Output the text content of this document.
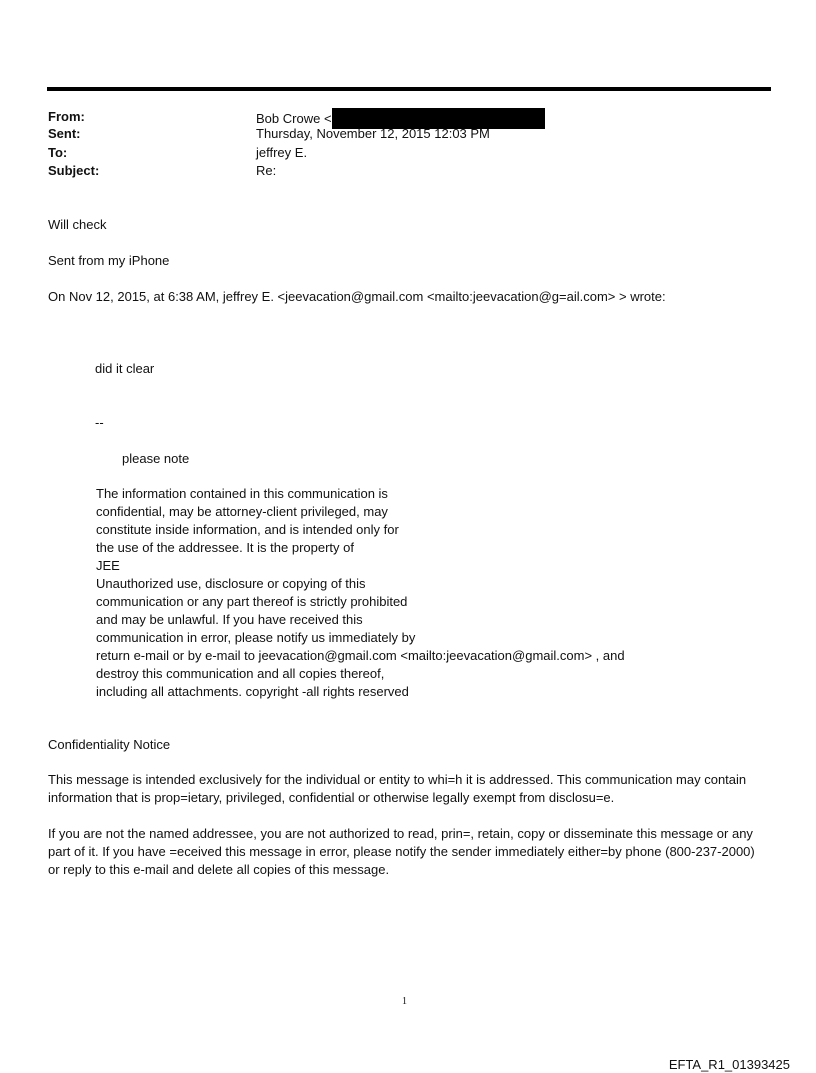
From:	Bob Crowe <
Sent:	Thursday, November 12, 2015 12:03 PM
To:	jeffrey E.
Subject:	Re:
Will check
Sent from my iPhone
On Nov 12, 2015, at 6:38 AM, jeffrey E. <jeevacation@gmail.com <mailto:jeevacation@g=ail.com> > wrote:
did it clear
--
please note
The information contained in this communication is
confidential, may be attorney-client privileged, may
constitute inside information, and is intended only for
the use of the addressee. It is the property of
JEE
Unauthorized use, disclosure or copying of this
communication or any part thereof is strictly prohibited
and may be unlawful. If you have received this
communication in error, please notify us immediately by
return e-mail or by e-mail to jeevacation@gmail.com <mailto:jeevacation@gmail.com> , and
destroy this communication and all copies thereof,
including all attachments. copyright -all rights reserved
Confidentiality Notice
This message is intended exclusively for the individual or entity to whi=h it is addressed. This communication may contain information that is prop=ietary, privileged, confidential or otherwise legally exempt from disclosu=e.
If you are not the named addressee, you are not authorized to read, prin=, retain, copy or disseminate this message or any part of it. If you have =eceived this message in error, please notify the sender immediately either=by phone (800-237-2000) or reply to this e-mail and delete all copies of this message.
1
EFTA_R1_01393425
